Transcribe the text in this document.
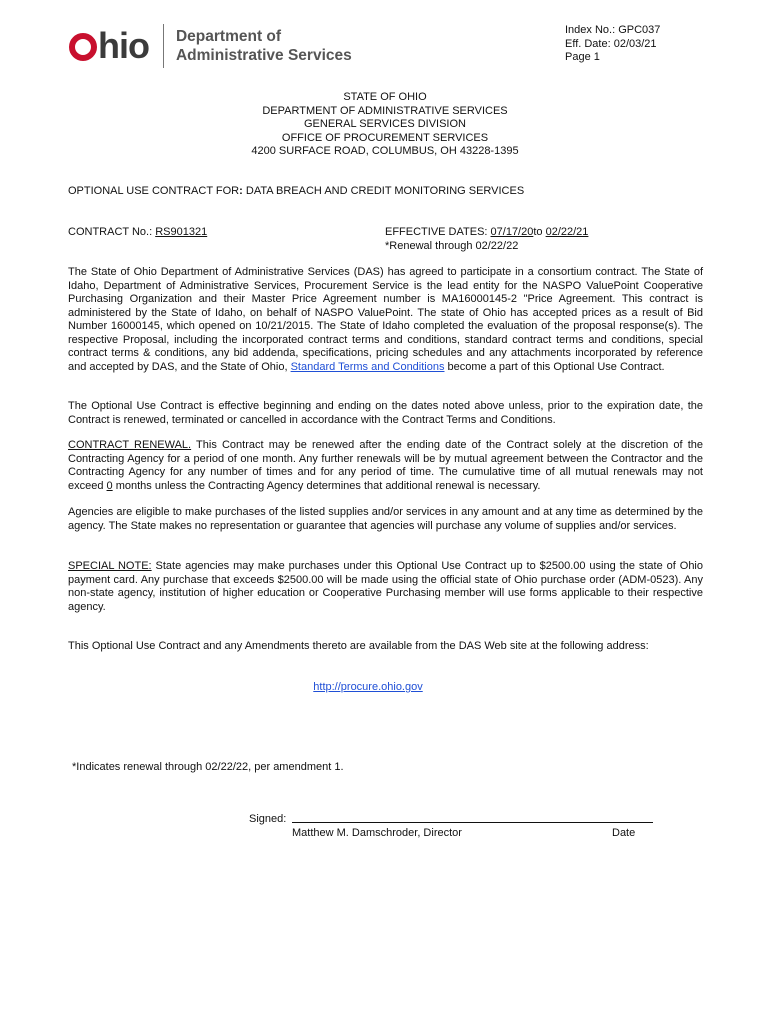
hio Department of
Administrative Services
Index No.: GPC037
Eff. Date: 02/03/21
Page 1
STATE OF OHIO
DEPARTMENT OF ADMINISTRATIVE SERVICES
GENERAL SERVICES DIVISION
OFFICE OF PROCUREMENT SERVICES
4200 SURFACE ROAD, COLUMBUS, OH 43228-1395
OPTIONAL USE CONTRACT FOR: DATA BREACH AND CREDIT MONITORING SERVICES
CONTRACT No.: RS901321	EFFECTIVE DATES: 07/17/20to 02/22/21
*Renewal through 02/22/22
The State of Ohio Department of Administrative Services (DAS) has agreed to participate in a consortium contract. The State of Idaho, Department of Administrative Services, Procurement Service is the lead entity for the NASPO ValuePoint Cooperative Purchasing Organization and their Master Price Agreement number is MA16000145-2 "Price Agreement. This contract is administered by the State of Idaho, on behalf of NASPO ValuePoint. The state of Ohio has accepted prices as a result of Bid Number 16000145, which opened on 10/21/2015. The State of Idaho completed the evaluation of the proposal response(s). The respective Proposal, including the incorporated contract terms and conditions, standard contract terms and conditions, special contract terms & conditions, any bid addenda, specifications, pricing schedules and any attachments incorporated by reference and accepted by DAS, and the State of Ohio, Standard Terms and Conditions become a part of this Optional Use Contract.
The Optional Use Contract is effective beginning and ending on the dates noted above unless, prior to the expiration date, the Contract is renewed, terminated or cancelled in accordance with the Contract Terms and Conditions.
CONTRACT RENEWAL. This Contract may be renewed after the ending date of the Contract solely at the discretion of the Contracting Agency for a period of one month. Any further renewals will be by mutual agreement between the Contractor and the Contracting Agency for any number of times and for any period of time. The cumulative time of all mutual renewals may not exceed 0 months unless the Contracting Agency determines that additional renewal is necessary.
Agencies are eligible to make purchases of the listed supplies and/or services in any amount and at any time as determined by the agency. The State makes no representation or guarantee that agencies will purchase any volume of supplies and/or services.
SPECIAL NOTE: State agencies may make purchases under this Optional Use Contract up to $2500.00 using the state of Ohio payment card. Any purchase that exceeds $2500.00 will be made using the official state of Ohio purchase order (ADM-0523). Any non-state agency, institution of higher education or Cooperative Purchasing member will use forms applicable to their respective agency.
This Optional Use Contract and any Amendments thereto are available from the DAS Web site at the following address:
http://procure.ohio.gov
*Indicates renewal through 02/22/22, per amendment 1.
Signed:
Matthew M. Damschroder, Director	Date
